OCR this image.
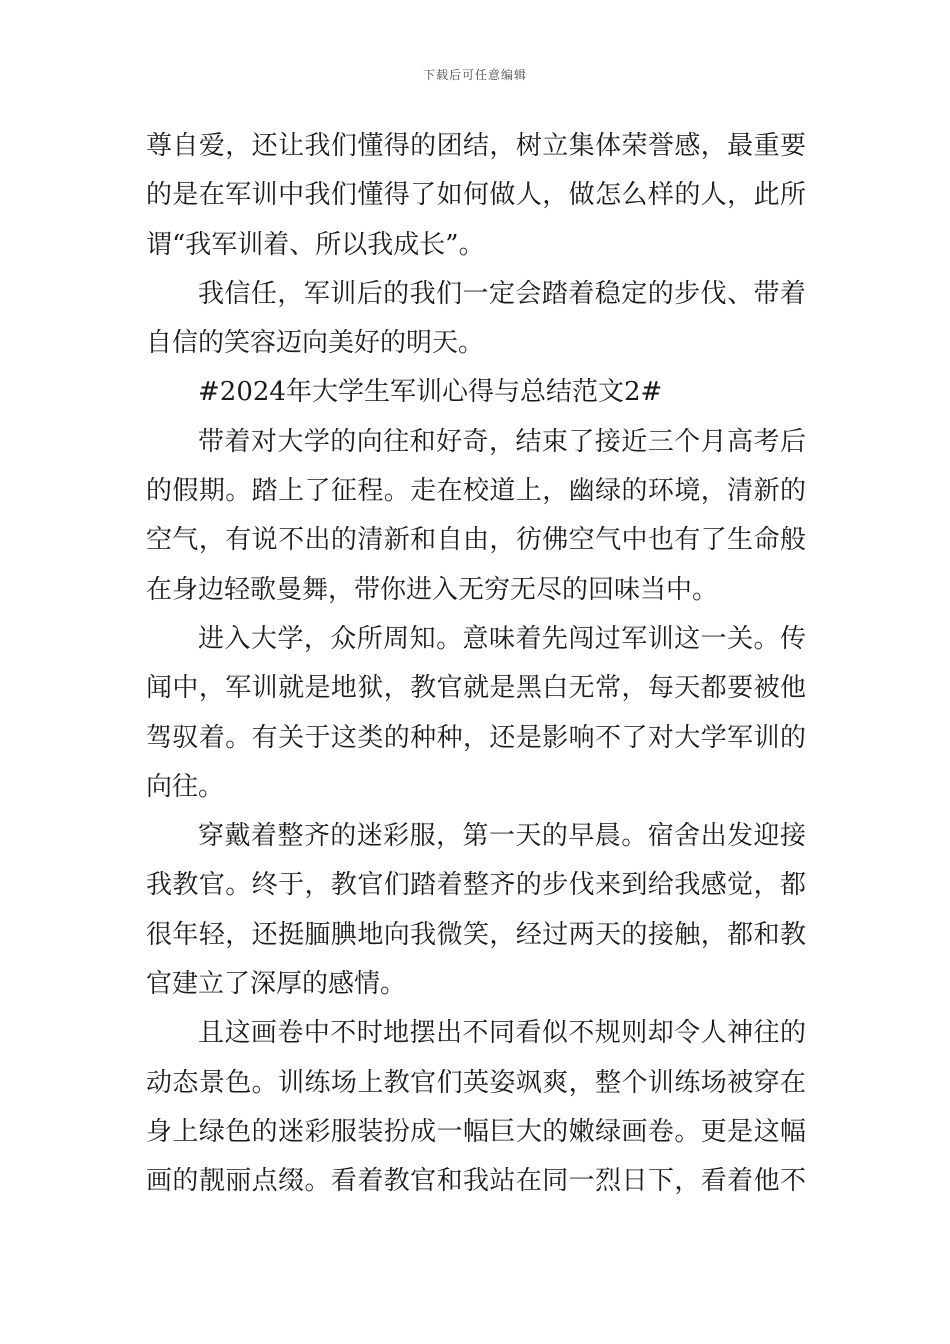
下载后可任意编辑
尊自爱，还让我们懂得的团结，树立集体荣誉感，最重要
的是在军训中我们懂得了如何做人，做怎么样的人，此所
谓“我军训着、所以我成长”。
我信任，军训后的我们一定会踏着稳定的步伐、带着
自信的笑容迈向美好的明天。
#2024年大学生军训心得与总结范文2#
带着对大学的向往和好奇，结束了接近三个月高考后
的假期。踏上了征程。走在校道上，幽绿的环境，清新的
空气，有说不出的清新和自由，彷佛空气中也有了生命般
在身边轻歌曼舞，带你进入无穷无尽的回味当中。
进入大学，众所周知。意味着先闯过军训这一关。传
闻中，军训就是地狱，教官就是黑白无常，每天都要被他
驾驭着。有关于这类的种种，还是影响不了对大学军训的
向往。
穿戴着整齐的迷彩服，第一天的早晨。宿舍出发迎接
我教官。终于，教官们踏着整齐的步伐来到给我感觉，都
很年轻，还挺腼腆地向我微笑，经过两天的接触，都和教
官建立了深厚的感情。
且这画卷中不时地摆出不同看似不规则却令人神往的
动态景色。训练场上教官们英姿飒爽，整个训练场被穿在
身上绿色的迷彩服装扮成一幅巨大的嫩绿画卷。更是这幅
画的靓丽点缀。看着教官和我站在同一烈日下，看着他不
